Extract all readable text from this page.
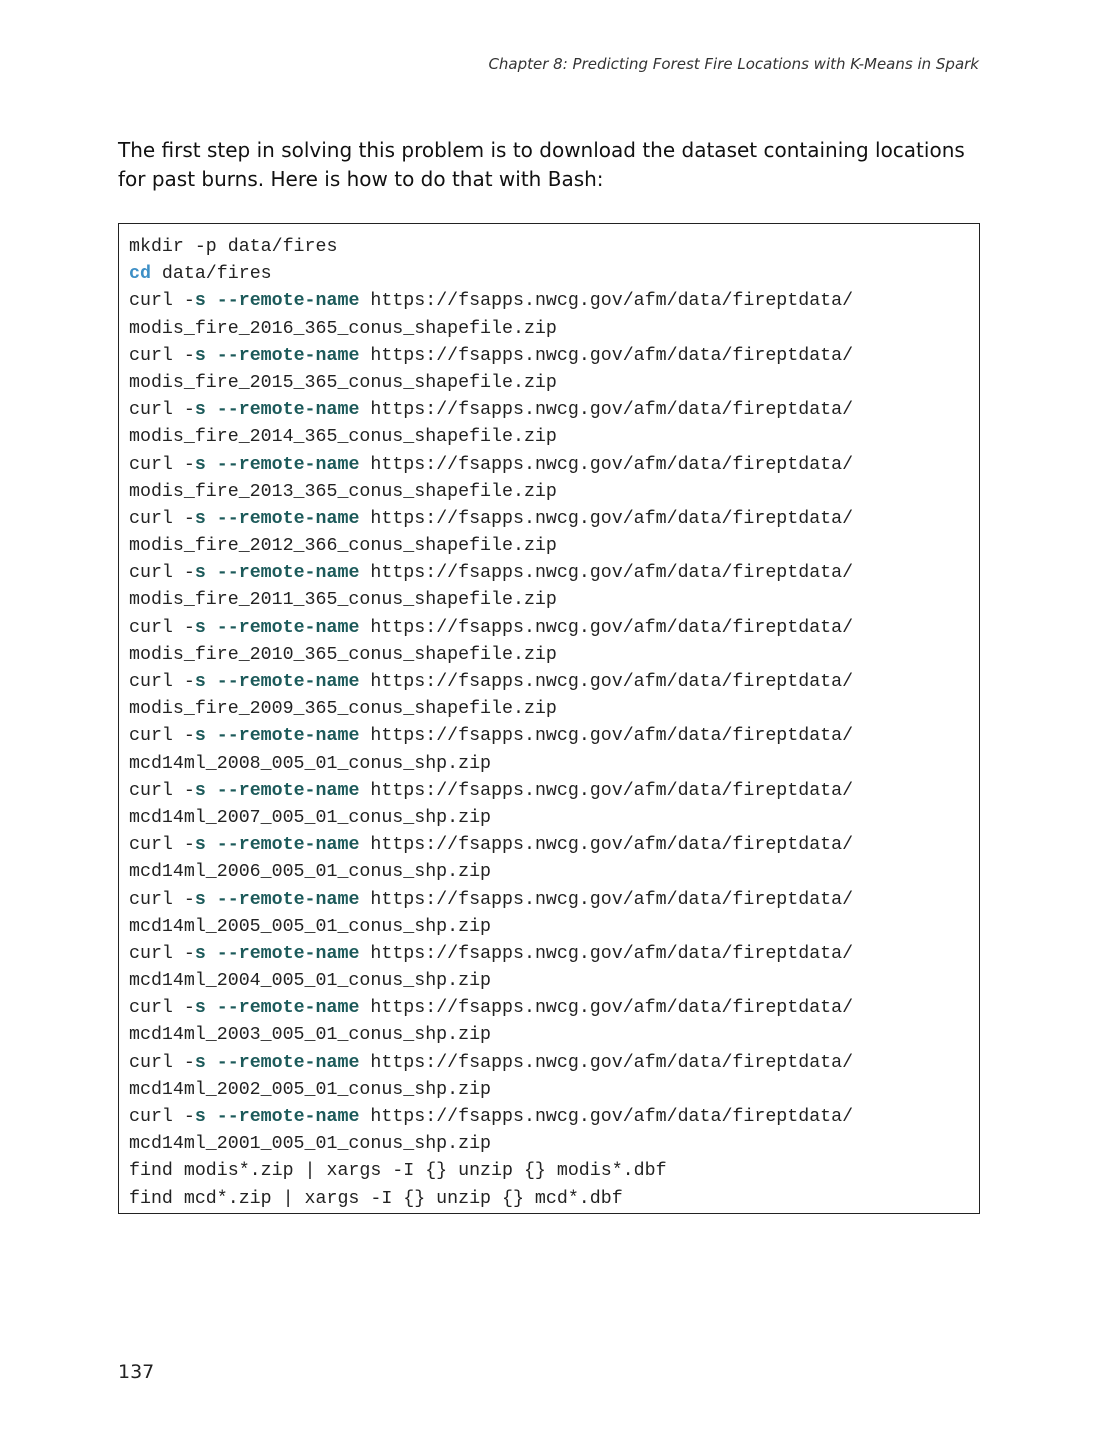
Chapter 8: Predicting Forest Fire Locations with K-Means in Spark

The first step in solving this problem is to download the dataset containing locations for past burns. Here is how to do that with Bash:

mkdir -p data/fires
cd data/fires
curl -s --remote-name https://fsapps.nwcg.gov/afm/data/fireptdata/
modis_fire_2016_365_conus_shapefile.zip
curl -s --remote-name https://fsapps.nwcg.gov/afm/data/fireptdata/
modis_fire_2015_365_conus_shapefile.zip
curl -s --remote-name https://fsapps.nwcg.gov/afm/data/fireptdata/
modis_fire_2014_365_conus_shapefile.zip
curl -s --remote-name https://fsapps.nwcg.gov/afm/data/fireptdata/
modis_fire_2013_365_conus_shapefile.zip
curl -s --remote-name https://fsapps.nwcg.gov/afm/data/fireptdata/
modis_fire_2012_366_conus_shapefile.zip
curl -s --remote-name https://fsapps.nwcg.gov/afm/data/fireptdata/
modis_fire_2011_365_conus_shapefile.zip
curl -s --remote-name https://fsapps.nwcg.gov/afm/data/fireptdata/
modis_fire_2010_365_conus_shapefile.zip
curl -s --remote-name https://fsapps.nwcg.gov/afm/data/fireptdata/
modis_fire_2009_365_conus_shapefile.zip
curl -s --remote-name https://fsapps.nwcg.gov/afm/data/fireptdata/
mcd14ml_2008_005_01_conus_shp.zip
curl -s --remote-name https://fsapps.nwcg.gov/afm/data/fireptdata/
mcd14ml_2007_005_01_conus_shp.zip
curl -s --remote-name https://fsapps.nwcg.gov/afm/data/fireptdata/
mcd14ml_2006_005_01_conus_shp.zip
curl -s --remote-name https://fsapps.nwcg.gov/afm/data/fireptdata/
mcd14ml_2005_005_01_conus_shp.zip
curl -s --remote-name https://fsapps.nwcg.gov/afm/data/fireptdata/
mcd14ml_2004_005_01_conus_shp.zip
curl -s --remote-name https://fsapps.nwcg.gov/afm/data/fireptdata/
mcd14ml_2003_005_01_conus_shp.zip
curl -s --remote-name https://fsapps.nwcg.gov/afm/data/fireptdata/
mcd14ml_2002_005_01_conus_shp.zip
curl -s --remote-name https://fsapps.nwcg.gov/afm/data/fireptdata/
mcd14ml_2001_005_01_conus_shp.zip
find modis*.zip | xargs -I {} unzip {} modis*.dbf
find mcd*.zip | xargs -I {} unzip {} mcd*.dbf
137
